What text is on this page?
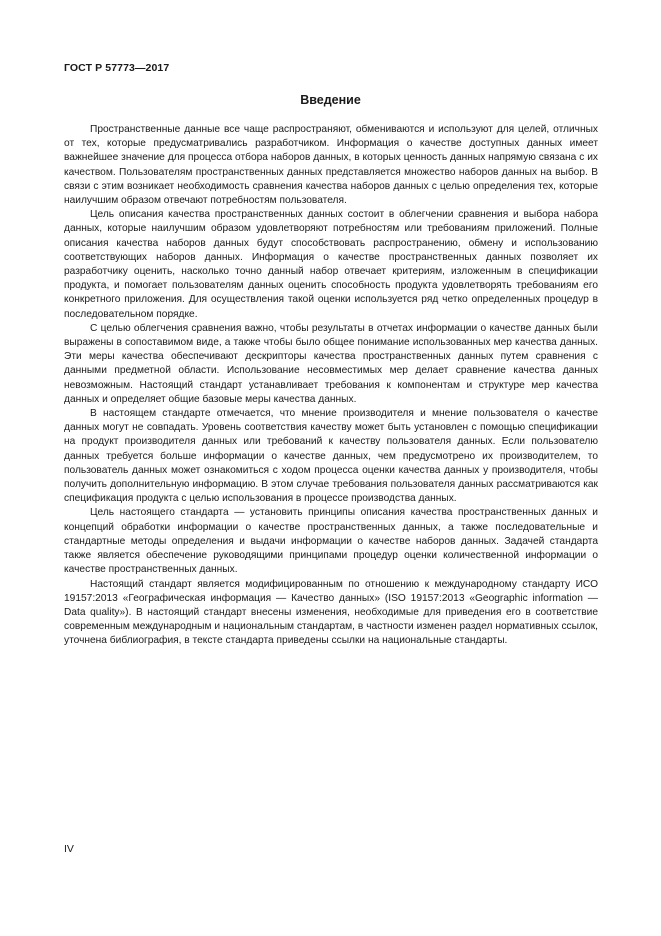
ГОСТ Р 57773—2017
Введение

Пространственные данные все чаще распространяют, обмениваются и используют для целей, отличных от тех, которые предусматривались разработчиком. Информация о качестве доступных данных имеет важнейшее значение для процесса отбора наборов данных, в которых ценность данных напрямую связана с их качеством. Пользователям пространственных данных представляется множество наборов данных на выбор. В связи с этим возникает необходимость сравнения качества наборов данных с целью определения тех, которые наилучшим образом отвечают потребностям пользователя.

Цель описания качества пространственных данных состоит в облегчении сравнения и выбора набора данных, которые наилучшим образом удовлетворяют потребностям или требованиям приложений. Полные описания качества наборов данных будут способствовать распространению, обмену и использованию соответствующих наборов данных. Информация о качестве пространственных данных позволяет их разработчику оценить, насколько точно данный набор отвечает критериям, изложенным в спецификации продукта, и помогает пользователям данных оценить способность продукта удовлетворять требованиям его конкретного приложения. Для осуществления такой оценки используется ряд четко определенных процедур в последовательном порядке.

С целью облегчения сравнения важно, чтобы результаты в отчетах информации о качестве данных были выражены в сопоставимом виде, а также чтобы было общее понимание использованных мер качества данных. Эти меры качества обеспечивают дескрипторы качества пространственных данных путем сравнения с данными предметной области. Использование несовместимых мер делает сравнение качества данных невозможным. Настоящий стандарт устанавливает требования к компонентам и структуре мер качества данных и определяет общие базовые меры качества данных.

В настоящем стандарте отмечается, что мнение производителя и мнение пользователя о качестве данных могут не совпадать. Уровень соответствия качеству может быть установлен с помощью спецификации на продукт производителя данных или требований к качеству пользователя данных. Если пользователю данных требуется больше информации о качестве данных, чем предусмотрено их производителем, то пользователь данных может ознакомиться с ходом процесса оценки качества данных у производителя, чтобы получить дополнительную информацию. В этом случае требования пользователя данных рассматриваются как спецификация продукта с целью использования в процессе производства данных.

Цель настоящего стандарта — установить принципы описания качества пространственных данных и концепций обработки информации о качестве пространственных данных, а также последовательные и стандартные методы определения и выдачи информации о качестве наборов данных. Задачей стандарта также является обеспечение руководящими принципами процедур оценки количественной информации о качестве пространственных данных.

Настоящий стандарт является модифицированным по отношению к международному стандарту ИСО 19157:2013 «Географическая информация — Качество данных» (ISO 19157:2013 «Geographic information — Data quality»). В настоящий стандарт внесены изменения, необходимые для приведения его в соответствие современным международным и национальным стандартам, в частности изменен раздел нормативных ссылок, уточнена библиография, в тексте стандарта приведены ссылки на национальные стандарты.

IV
